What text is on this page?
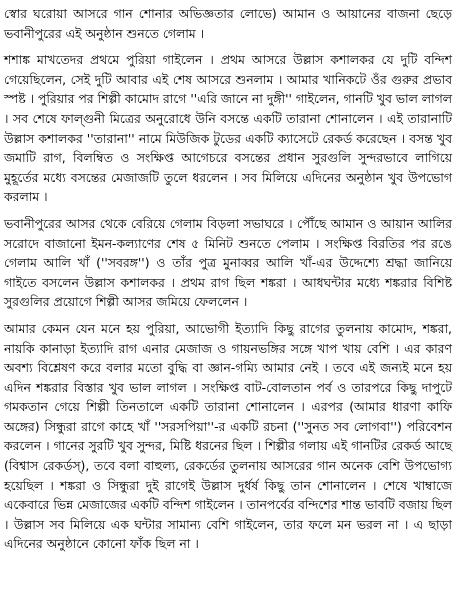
স্বোর ঘরোয়া আসরে গান শোনার অভিজ্ঞতার লোভে) আমান ও আয়ানের বাজনা ছেড়ে ভবানীপুরের এই অনুষ্ঠান শুনতে গেলাম ।

শশাঙ্ক মাখতেদর প্রথমে পুরিয়া গাইলেন । প্রথম আসরে উল্লাস কশালকর যে দুটি বন্দিশ গেয়েছিলেন, সেই দুটি আবার এই শেষ আসরে শুনলাম । আমার খানিকটে ওঁর গুরুর প্রভাব স্পষ্ট । পুরিয়ার পর শিল্পী কামোদ রাগে ''এরি জানে না দুঙ্গী'' গাইলেন, গানটি খুব ভাল লাগল । সব শেষে ফাল্গুনী মিত্রের অনুরোধে উনি বসন্তে একটি তারানা শোনালেন । এই তারানাটি উল্লাস কশালকর ''তারানা'' নামে মিউজিক টুডের একটি ক্যাসেটে রেকর্ড করেছেন । বসন্ত খুব জমাটি রাগ, বিলম্বিত ও সংক্ষিপ্ত আগেচরে বসন্তের প্রধান সুরগুলি সুন্দরভাবে লাগিয়ে মুহূর্তের মধ্যে বসন্তের মেজাজটি তুলে ধরলেন । সব মিলিয়ে এদিনের অনুষ্ঠান খুব উপভোগ করলাম ।

ভবানীপুরের আসর থেকে বেরিয়ে গেলাম বিড়লা সভাঘরে । পৌঁছে আমান ও আয়ান আলির সরোদে বাজানো ইমন-কল্যাণের শেষ ৫ মিনিট শুনতে পেলাম । সংক্ষিপ্ত বিরতির পর রঙে গেলাম আলি খাঁ (''সবরঙ্গ'') ও তাঁর পুত্র মুনাব্বর আলি খাঁ-এর উদ্দেশ্যে শ্রদ্ধা জানিয়ে গাইতে বসলেন উল্লাস কশালকর । প্রথম রাগ ছিল শঙ্করা । আধঘন্টার মধ্যে শঙ্করার বিশিষ্ট সুরগুলির প্রয়োগে শিল্পী আসর জমিয়ে ফেললেন ।

আমার কেমন যেন মনে হয় পুরিয়া, আভোগী ইত্যাদি কিছু রাগের তুলনায় কামোদ, শঙ্করা, নায়কি কানাড়া ইত্যাদি রাগ এনার মেজাজ ও গায়নভঙ্গির সঙ্গে খাপ খায় বেশি । এর কারণ অবশ্য বিশ্লেষণ করে বলার মতো বুদ্ধি বা জ্ঞান-গম্যি আমার নেই । তবে এই জন্যই মনে হয় এদিন শঙ্করার বিস্তার খুব ভাল লাগল । সংক্ষিপ্ত বাট-বোলতান পর্ব ও তারপরে কিছু দাপুটে গমকতান গেয়ে শিল্পী তিনতালে একটি তারানা শোনালেন । এরপর (আমার ধারণা কাফি অঙ্গের) সিন্ধুরা রাগে কাহে খাঁ ''সরসপিয়া''-র একটি রচনা (''সুনত সব লোগবা'') পরিবেশন করলেন । গানের সুরটি খুব সুন্দর, মিষ্টি ধরনের ছিল । শিল্পীর গলায় এই গানটির রেকর্ড আছে (বিশ্বাস রেকর্ডস্), তবে বলা বাহুল্য, রেকর্ডের তুলনায় আসরের গান অনেক বেশি উপভোগ্য হয়েছিল । শঙ্করা ও সিন্ধুরা দুই রাগেই উল্লাস দুর্ধর্ষ কিছু তান শোনালেন । শেষে খাম্বাজে একেবারে ভিন্ন মেজাজের একটি বন্দিশ গাইলেন । তানপর্বের বন্দিশের শান্ত ভাবটি বজায় ছিল । উল্লাস সব মিলিয়ে এক ঘন্টার সামান্য বেশি গাইলেন, তার ফলে মন ভরল না । এ ছাড়া এদিনের অনুষ্ঠানে কোনো ফাঁক ছিল না ।
